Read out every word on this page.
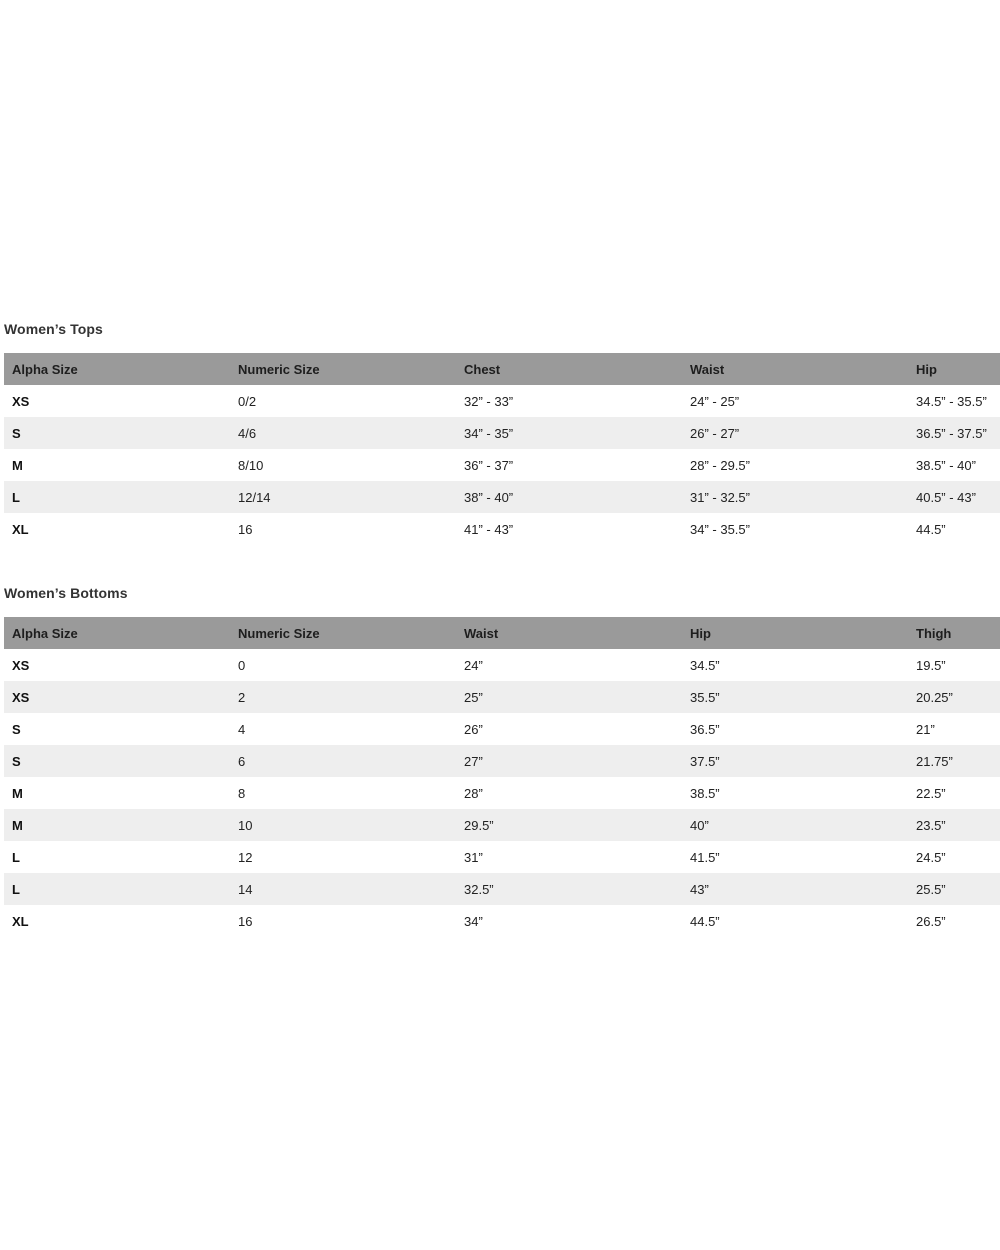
Women’s Tops
Alpha Size	Numeric Size	Chest	Waist	Hip
XS	0/2	32” - 33”	24” - 25”	34.5” - 35.5”
S	4/6	34” - 35”	26” - 27”	36.5” - 37.5”
M	8/10	36” - 37”	28” - 29.5”	38.5” - 40”
L	12/14	38” - 40”	31” - 32.5”	40.5” - 43”
XL	16	41” - 43”	34” - 35.5”	44.5”
Women’s Bottoms
Alpha Size	Numeric Size	Waist	Hip	Thigh
XS	0	24”	34.5”	19.5”
XS	2	25”	35.5”	20.25”
S	4	26”	36.5”	21”
S	6	27”	37.5”	21.75”
M	8	28”	38.5”	22.5”
M	10	29.5”	40”	23.5”
L	12	31”	41.5”	24.5”
L	14	32.5”	43”	25.5”
XL	16	34”	44.5”	26.5”
